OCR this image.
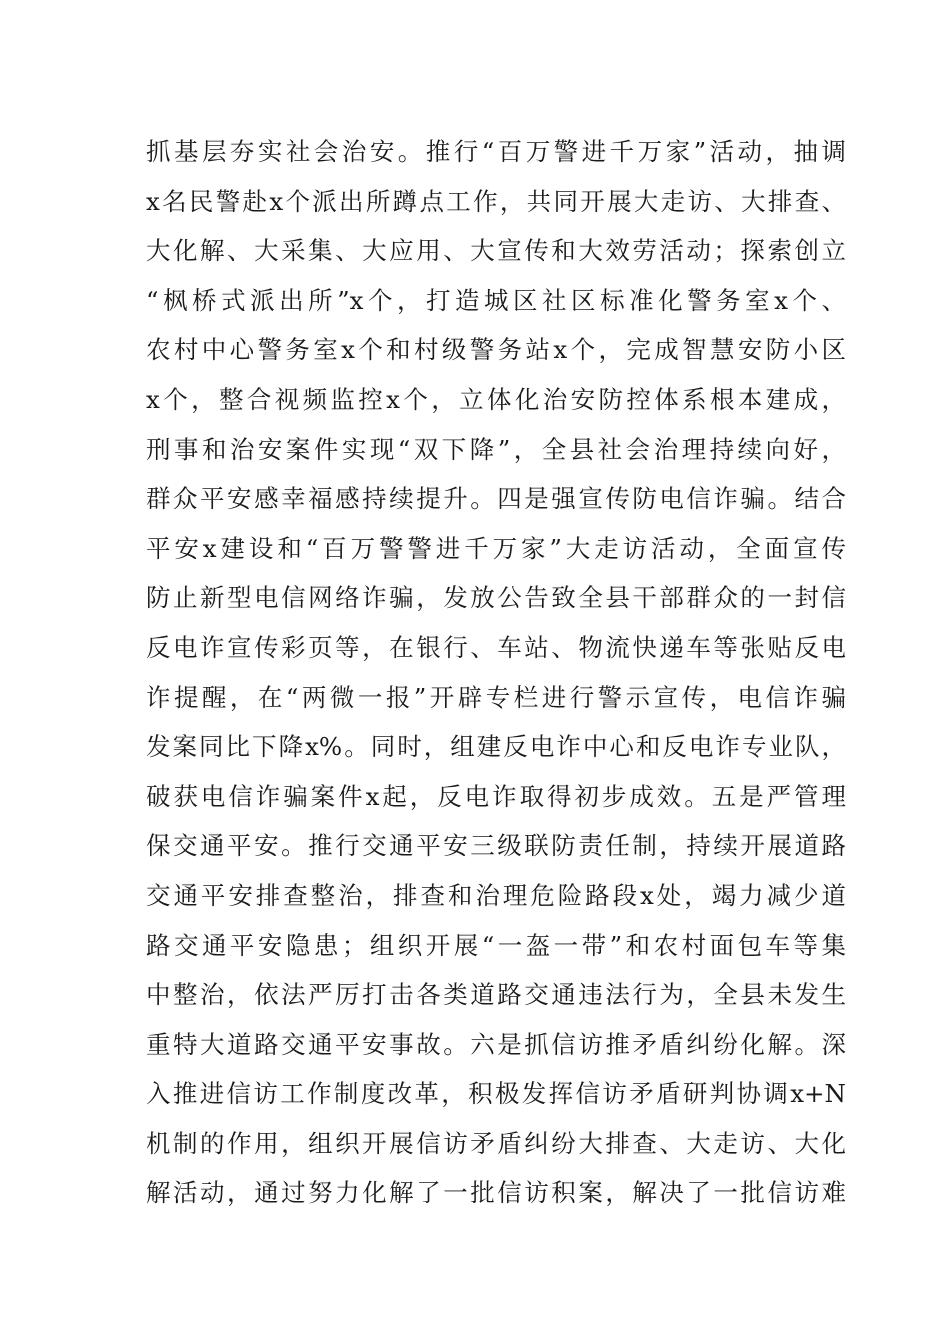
抓基层夯实社会治安。推行“百万警进千万家”活动，抽调
x名民警赴x个派出所蹲点工作，共同开展大走访、大排查、
大化解、大采集、大应用、大宣传和大效劳活动；探索创立
“枫桥式派出所”x个，打造城区社区标准化警务室x个、
农村中心警务室x个和村级警务站x个，完成智慧安防小区
x个，整合视频监控x个，立体化治安防控体系根本建成，
刑事和治安案件实现“双下降”，全县社会治理持续向好，
群众平安感幸福感持续提升。四是强宣传防电信诈骗。结合
平安x建设和“百万警警进千万家”大走访活动，全面宣传
防止新型电信网络诈骗，发放公告致全县干部群众的一封信
反电诈宣传彩页等，在银行、车站、物流快递车等张贴反电
诈提醒，在“两微一报”开辟专栏进行警示宣传，电信诈骗
发案同比下降x%。同时，组建反电诈中心和反电诈专业队，
破获电信诈骗案件x起，反电诈取得初步成效。五是严管理
保交通平安。推行交通平安三级联防责任制，持续开展道路
交通平安排查整治，排查和治理危险路段x处，竭力减少道
路交通平安隐患；组织开展“一盔一带”和农村面包车等集
中整治，依法严厉打击各类道路交通违法行为，全县未发生
重特大道路交通平安事故。六是抓信访推矛盾纠纷化解。深
入推进信访工作制度改革，积极发挥信访矛盾研判协调x+N
机制的作用，组织开展信访矛盾纠纷大排查、大走访、大化
解活动，通过努力化解了一批信访积案，解决了一批信访难
